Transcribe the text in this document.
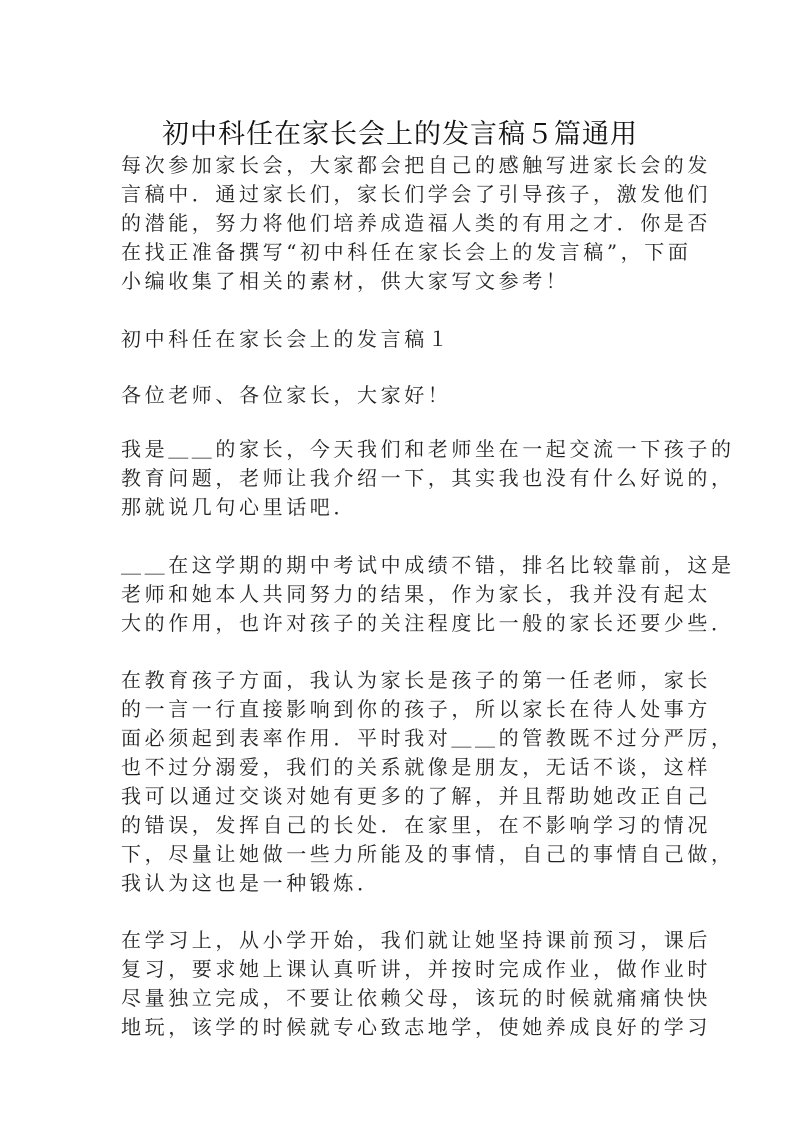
初中科任在家长会上的发言稿５篇通用
每次参加家长会，大家都会把自己的感触写进家长会的发
言稿中．通过家长们，家长们学会了引导孩子，激发他们
的潜能，努力将他们培养成造福人类的有用之才．你是否
在找正准备撰写“初中科任在家长会上的发言稿”，下面
小编收集了相关的素材，供大家写文参考！
初中科任在家长会上的发言稿１
各位老师、各位家长，大家好！
我是＿＿的家长，今天我们和老师坐在一起交流一下孩子的
教育问题，老师让我介绍一下，其实我也没有什么好说的，
那就说几句心里话吧．
＿＿在这学期的期中考试中成绩不错，排名比较靠前，这是
老师和她本人共同努力的结果，作为家长，我并没有起太
大的作用，也许对孩子的关注程度比一般的家长还要少些．
在教育孩子方面，我认为家长是孩子的第一任老师，家长
的一言一行直接影响到你的孩子，所以家长在待人处事方
面必须起到表率作用．平时我对＿＿的管教既不过分严厉，
也不过分溺爱，我们的关系就像是朋友，无话不谈，这样
我可以通过交谈对她有更多的了解，并且帮助她改正自己
的错误，发挥自己的长处．在家里，在不影响学习的情况
下，尽量让她做一些力所能及的事情，自己的事情自己做，
我认为这也是一种锻炼．
在学习上，从小学开始，我们就让她坚持课前预习，课后
复习，要求她上课认真听讲，并按时完成作业，做作业时
尽量独立完成，不要让依赖父母，该玩的时候就痛痛快快
地玩，该学的时候就专心致志地学，使她养成良好的学习
